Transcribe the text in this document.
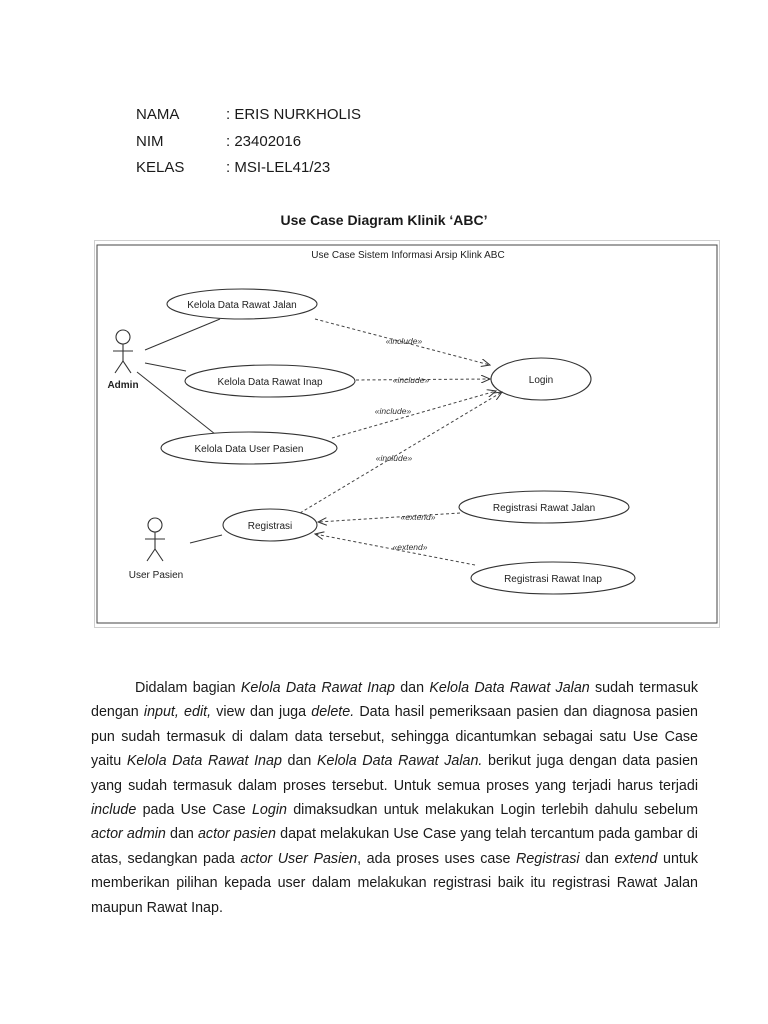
NAMA	: ERIS NURKHOLIS
NIM	: 23402016
KELAS	: MSI-LEL41/23
Use Case Diagram Klinik ‘ABC’
Use Case Sistem Informasi Arsip Klink ABC
Admin
User Pasien
Kelola Data Rawat Jalan
Kelola Data Rawat Inap
Kelola Data User Pasien
Login
Registrasi
Registrasi Rawat Jalan
Registrasi Rawat Inap
«include»
«include»
«include»
«include»
«extend»
«extend»

Didalam bagian Kelola Data Rawat Inap dan Kelola Data Rawat Jalan sudah termasuk dengan input, edit, view dan juga delete. Data hasil pemeriksaan pasien dan diagnosa pasien pun sudah termasuk di dalam data tersebut, sehingga dicantumkan sebagai satu Use Case yaitu Kelola Data Rawat Inap dan Kelola Data Rawat Jalan. berikut juga dengan data pasien yang sudah termasuk dalam proses tersebut. Untuk semua proses yang terjadi harus terjadi include pada Use Case Login dimaksudkan untuk melakukan Login terlebih dahulu sebelum actor admin dan actor pasien dapat melakukan Use Case yang telah tercantum pada gambar di atas, sedangkan pada actor User Pasien, ada proses uses case Registrasi dan extend untuk memberikan pilihan kepada user dalam melakukan registrasi baik itu registrasi Rawat Jalan maupun Rawat Inap.
